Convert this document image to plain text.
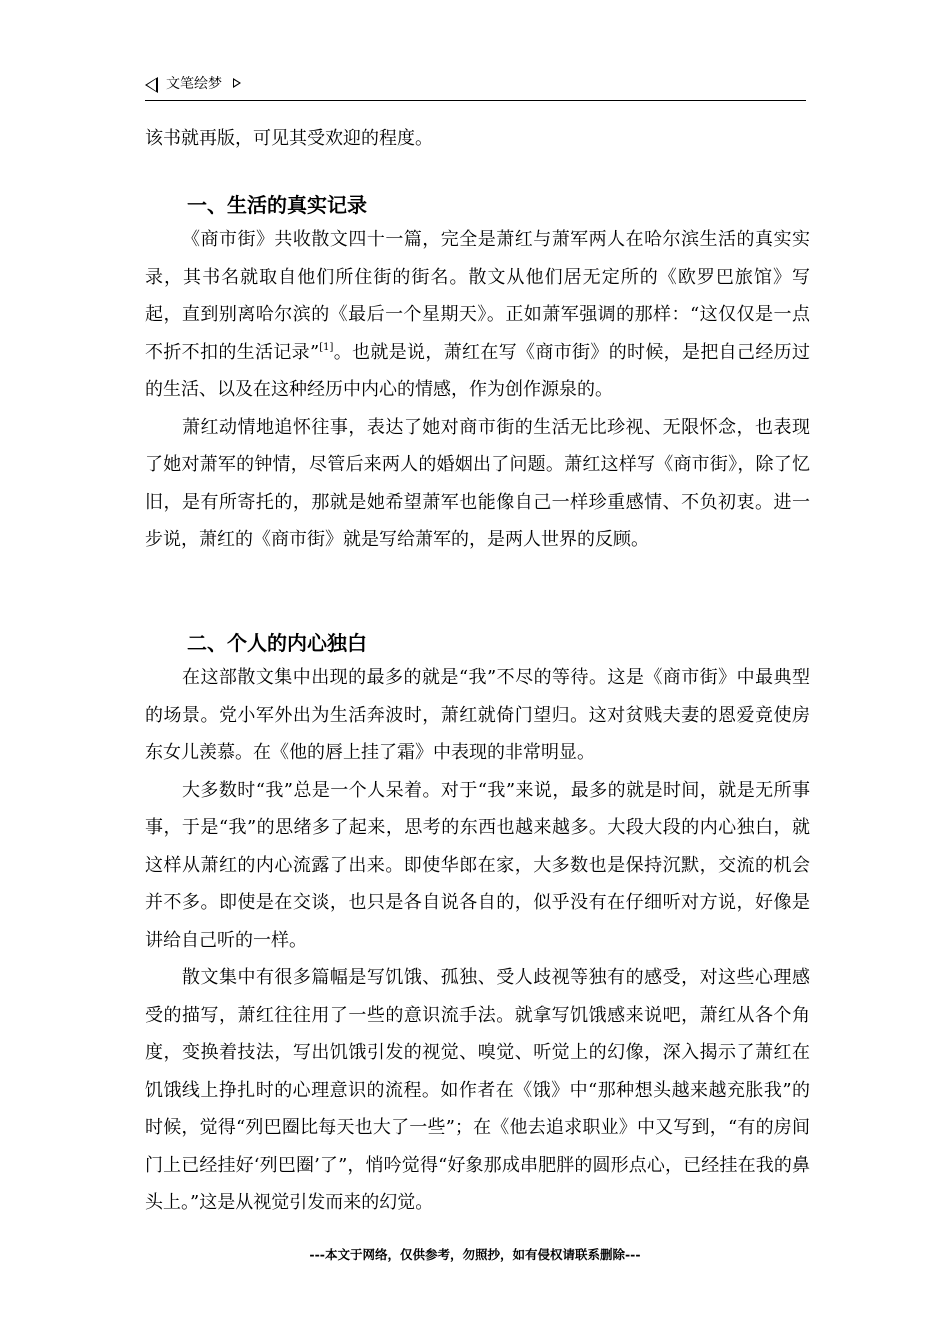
文笔绘梦

该书就再版，可见其受欢迎的程度。

一、生活的真实记录

《商市街》共收散文四十一篇，完全是萧红与萧军两人在哈尔滨生活的真实实录，其书名就取自他们所住街的街名。散文从他们居无定所的《欧罗巴旅馆》写起，直到别离哈尔滨的《最后一个星期天》。正如萧军强调的那样：“这仅仅是一点不折不扣的生活记录”[1]。也就是说，萧红在写《商市街》的时候，是把自己经历过的生活、以及在这种经历中内心的情感，作为创作源泉的。

萧红动情地追怀往事，表达了她对商市街的生活无比珍视、无限怀念，也表现了她对萧军的钟情，尽管后来两人的婚姻出了问题。萧红这样写《商市街》，除了忆旧，是有所寄托的，那就是她希望萧军也能像自己一样珍重感情、不负初衷。进一步说，萧红的《商市街》就是写给萧军的，是两人世界的反顾。

二、个人的内心独白

在这部散文集中出现的最多的就是“我”不尽的等待。这是《商市街》中最典型的场景。党小军外出为生活奔波时，萧红就倚门望归。这对贫贱夫妻的恩爱竟使房东女儿羡慕。在《他的唇上挂了霜》中表现的非常明显。

大多数时“我”总是一个人呆着。对于“我”来说，最多的就是时间，就是无所事事，于是“我”的思绪多了起来，思考的东西也越来越多。大段大段的内心独白，就这样从萧红的内心流露了出来。即使华郎在家，大多数也是保持沉默，交流的机会并不多。即使是在交谈，也只是各自说各自的，似乎没有在仔细听对方说，好像是讲给自己听的一样。

散文集中有很多篇幅是写饥饿、孤独、受人歧视等独有的感受，对这些心理感受的描写，萧红往往用了一些的意识流手法。就拿写饥饿感来说吧，萧红从各个角度，变换着技法，写出饥饿引发的视觉、嗅觉、听觉上的幻像，深入揭示了萧红在饥饿线上挣扎时的心理意识的流程。如作者在《饿》中“那种想头越来越充胀我”的时候，觉得“列巴圈比每天也大了一些”；在《他去追求职业》中又写到，“有的房间门上已经挂好‘列巴圈’了”，悄吟觉得“好象那成串肥胖的圆形点心，已经挂在我的鼻头上。”这是从视觉引发而来的幻觉。

---本文于网络，仅供参考，勿照抄，如有侵权请联系删除---
